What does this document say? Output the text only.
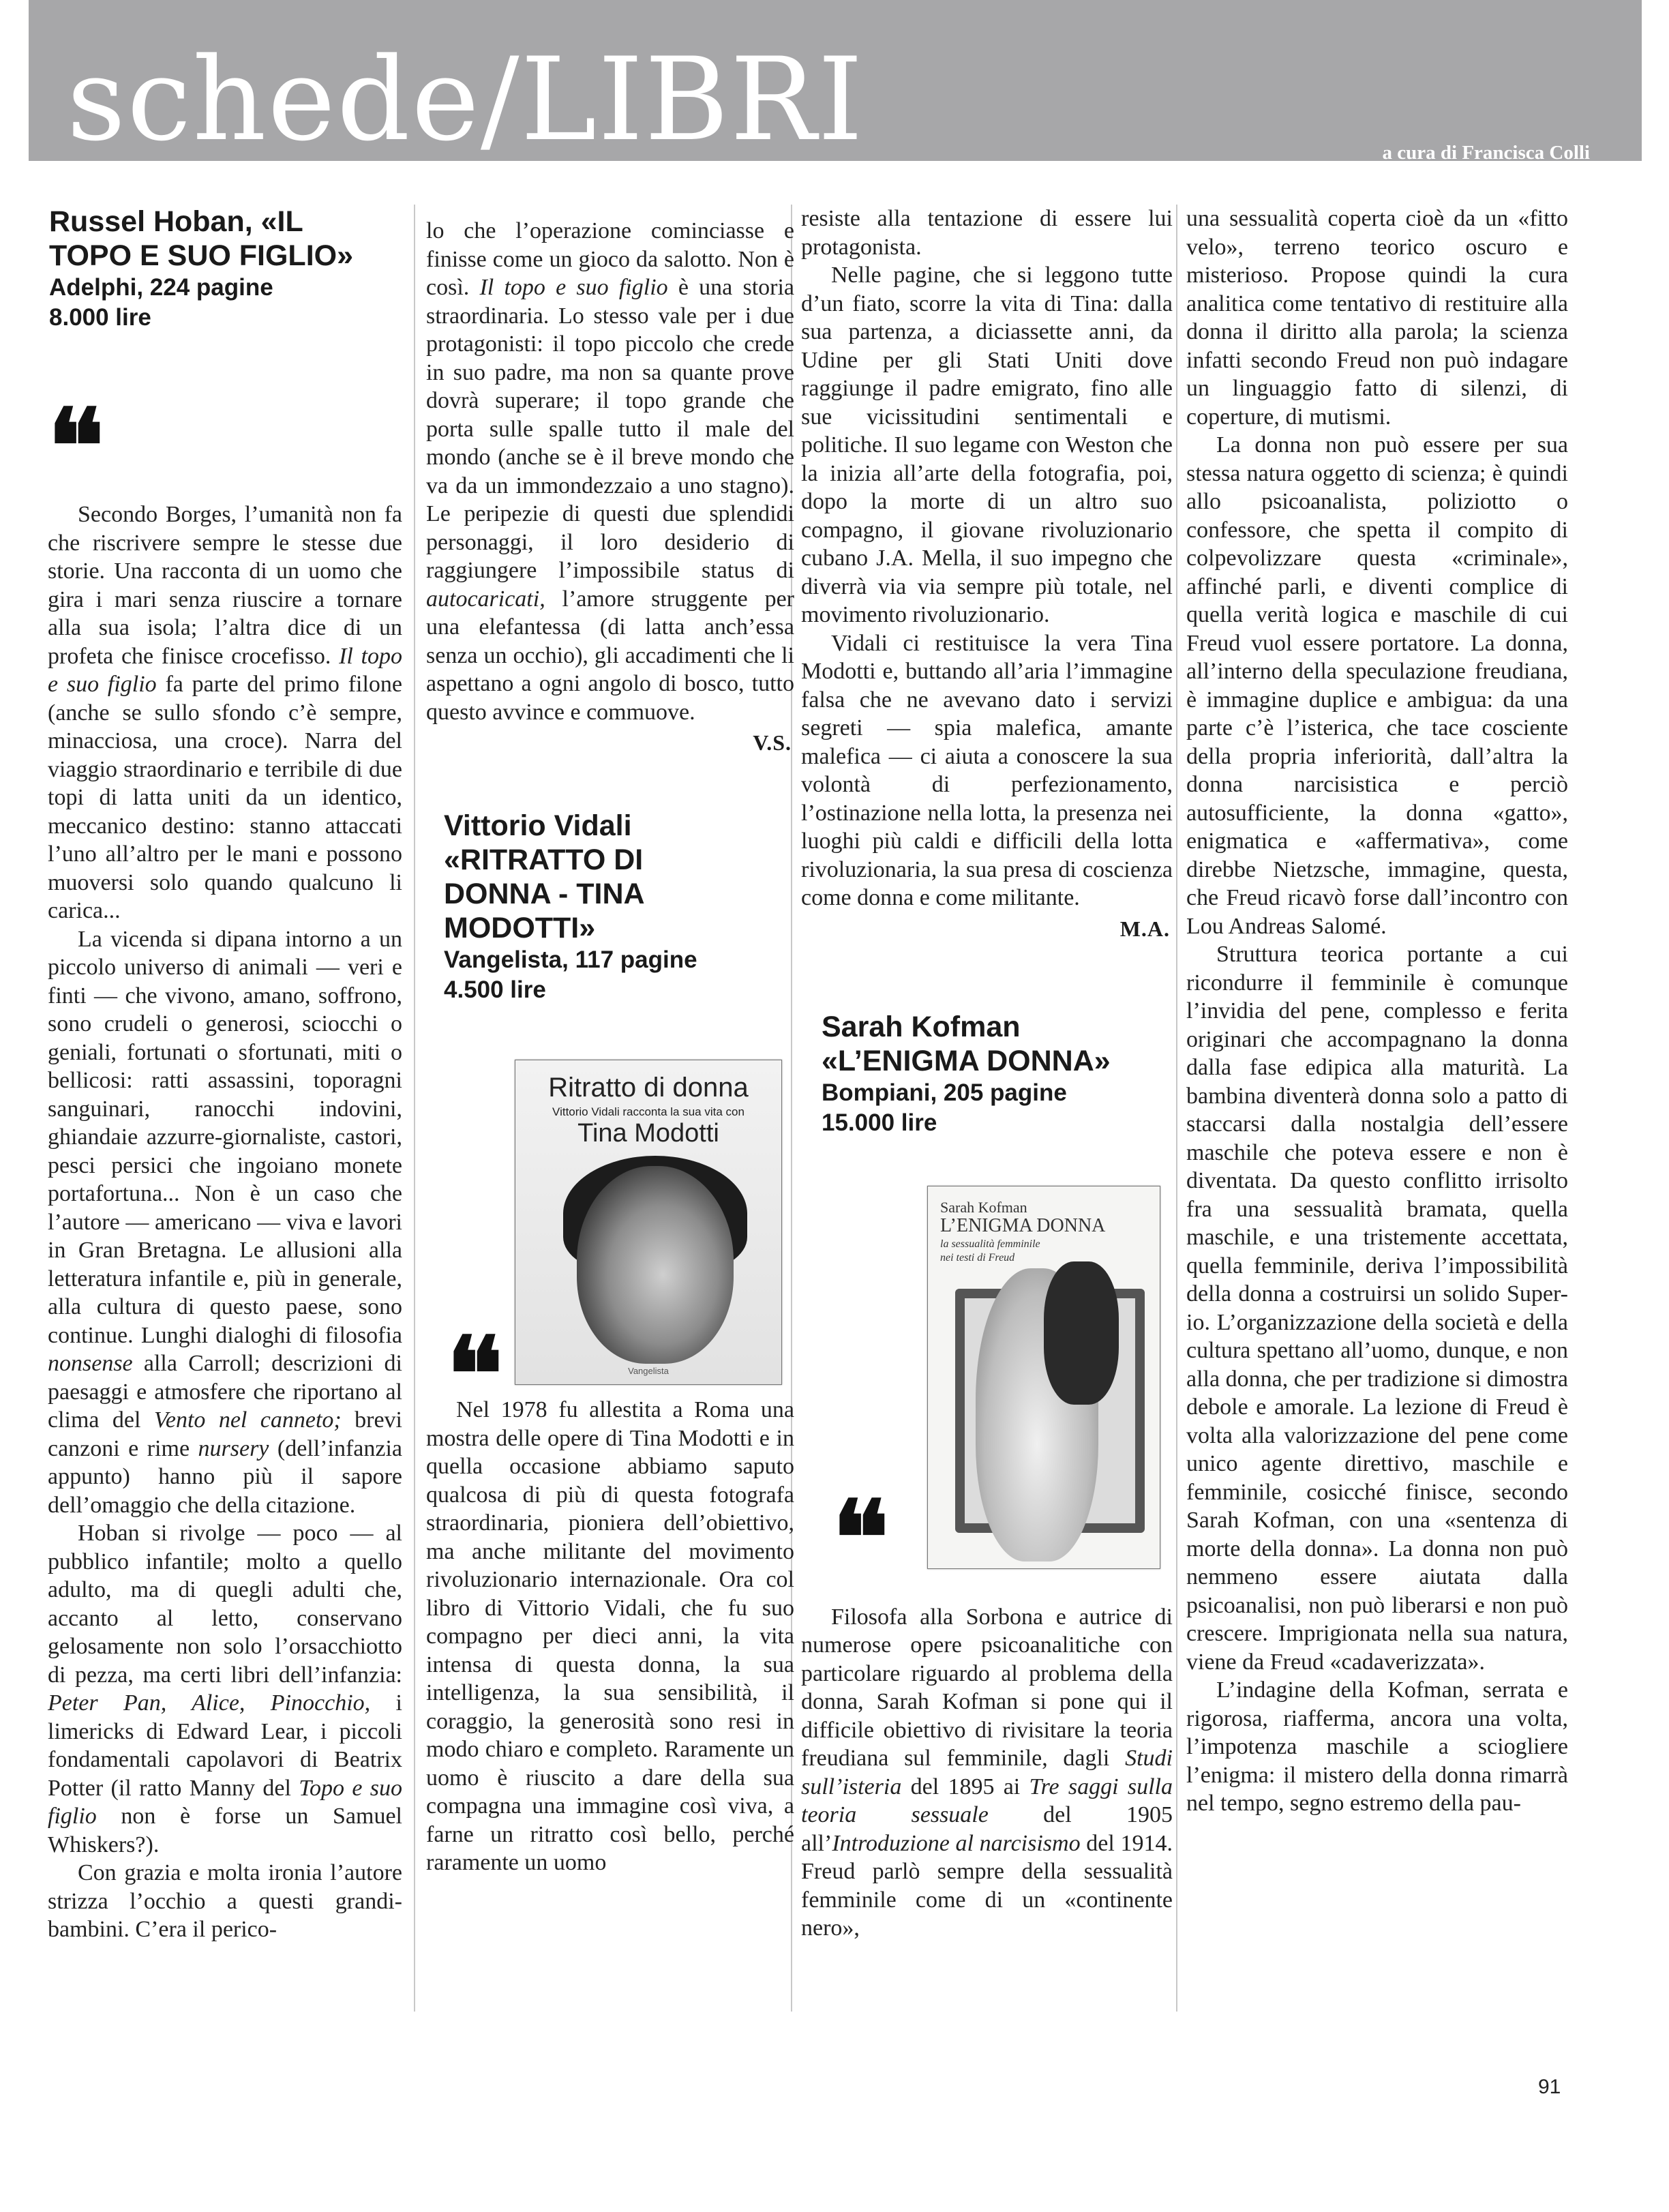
schede/LIBRI	a cura di Francisca Colli
Russel Hoban, «IL
TOPO E SUO FIGLIO»
Adelphi, 224 pagine
8.000 lire
❛❛

Secondo Borges, l’umanità non fa che riscrivere sempre le stesse due storie. Una racconta di un uomo che gira i mari senza riuscire a tornare alla sua isola; l’altra dice di un profeta che finisce crocefisso. Il topo e suo figlio fa parte del primo filone (anche se sullo sfondo c’è sempre, minacciosa, una croce). Narra del viaggio straordinario e terribile di due topi di latta uniti da un identico, meccanico destino: stanno attaccati l’uno all’altro per le mani e possono muoversi solo quando qualcuno li carica...

La vicenda si dipana intorno a un piccolo universo di animali — veri e finti — che vivono, amano, soffrono, sono crudeli o generosi, sciocchi o geniali, fortunati o sfortunati, miti o bellicosi: ratti assassini, toporagni sanguinari, ranocchi indovini, ghiandaie azzurre-giornaliste, castori, pesci persici che ingoiano monete portafortuna... Non è un caso che l’autore — americano — viva e lavori in Gran Bretagna. Le allusioni alla letteratura infantile e, più in generale, alla cultura di questo paese, sono continue. Lunghi dialoghi di filosofia nonsense alla Carroll; descrizioni di paesaggi e atmosfere che riportano al clima del Vento nel canneto; brevi canzoni e rime nursery (dell’infanzia appunto) hanno più il sapore dell’omaggio che della citazione.

Hoban si rivolge — poco — al pubblico infantile; molto a quello adulto, ma di quegli adulti che, accanto al letto, conservano gelosamente non solo l’orsacchiotto di pezza, ma certi libri dell’infanzia: Peter Pan, Alice, Pinocchio, i limericks di Edward Lear, i piccoli fondamentali capolavori di Beatrix Potter (il ratto Manny del Topo e suo figlio non è forse un Samuel Whiskers?).

Con grazia e molta ironia l’autore strizza l’occhio a questi grandi-bambini. C’era il perico-

lo che l’operazione cominciasse e finisse come un gioco da salotto. Non è così. Il topo e suo figlio è una storia straordinaria. Lo stesso vale per i due protagonisti: il topo piccolo che crede in suo padre, ma non sa quante prove dovrà superare; il topo grande che porta sulle spalle tutto il male del mondo (anche se è il breve mondo che va da un immondezzaio a uno stagno). Le peripezie di questi due splendidi personaggi, il loro desiderio di raggiungere l’impossibile status di autocaricati, l’amore struggente per una elefantessa (di latta anch’essa senza un occhio), gli accadimenti che li aspettano a ogni angolo di bosco, tutto questo avvince e commuove.

V.S.
Vittorio Vidali
«RITRATTO DI
DONNA - TINA
MODOTTI»
Vangelista, 117 pagine
4.500 lire
Ritratto di donna
Vittorio Vidali racconta la sua vita con
Tina Modotti
Vangelista
❛❛

Nel 1978 fu allestita a Roma una mostra delle opere di Tina Modotti e in quella occasione abbiamo saputo qualcosa di più di questa fotografa straordinaria, pioniera dell’obiettivo, ma anche militante del movimento rivoluzionario internazionale. Ora col libro di Vittorio Vidali, che fu suo compagno per dieci anni, la vita intensa di questa donna, la sua intelligenza, la sua sensibilità, il coraggio, la generosità sono resi in modo chiaro e completo. Raramente un uomo è riuscito a dare della sua compagna una immagine così viva, a farne un ritratto così bello, perché raramente un uomo

resiste alla tentazione di essere lui protagonista.

Nelle pagine, che si leggono tutte d’un fiato, scorre la vita di Tina: dalla sua partenza, a diciassette anni, da Udine per gli Stati Uniti dove raggiunge il padre emigrato, fino alle sue vicissitudini sentimentali e politiche. Il suo legame con Weston che la inizia all’arte della fotografia, poi, dopo la morte di un altro suo compagno, il giovane rivoluzionario cubano J.A. Mella, il suo impegno che diverrà via via sempre più totale, nel movimento rivoluzionario.

Vidali ci restituisce la vera Tina Modotti e, buttando all’aria l’immagine falsa che ne avevano dato i servizi segreti — spia malefica, amante malefica — ci aiuta a conoscere la sua volontà di perfezionamento, l’ostinazione nella lotta, la presenza nei luoghi più caldi e difficili della lotta rivoluzionaria, la sua presa di coscienza come donna e come militante.

M.A.
Sarah Kofman
«L’ENIGMA DONNA»
Bompiani, 205 pagine
15.000 lire
Sarah Kofman
L’ENIGMA DONNA
la sessualità femminile
nei testi di Freud
❛❛

Filosofa alla Sorbona e autrice di numerose opere psicoanalitiche con particolare riguardo al problema della donna, Sarah Kofman si pone qui il difficile obiettivo di rivisitare la teoria freudiana sul femminile, dagli Studi sull’isteria del 1895 ai Tre saggi sulla teoria sessuale del 1905 all’Introduzione al narcisismo del 1914. Freud parlò sempre della sessualità femminile come di un «continente nero»,

una sessualità coperta cioè da un «fitto velo», terreno teorico oscuro e misterioso. Propose quindi la cura analitica come tentativo di restituire alla donna il diritto alla parola; la scienza infatti secondo Freud non può indagare un linguaggio fatto di silenzi, di coperture, di mutismi.

La donna non può essere per sua stessa natura oggetto di scienza; è quindi allo psicoanalista, poliziotto o confessore, che spetta il compito di colpevolizzare questa «criminale», affinché parli, e diventi complice di quella verità logica e maschile di cui Freud vuol essere portatore. La donna, all’interno della speculazione freudiana, è immagine duplice e ambigua: da una parte c’è l’isterica, che tace cosciente della propria inferiorità, dall’altra la donna narcisistica e perciò autosufficiente, la donna «gatto», enigmatica e «affermativa», come direbbe Nietzsche, immagine, questa, che Freud ricavò forse dall’incontro con Lou Andreas Salomé.

Struttura teorica portante a cui ricondurre il femminile è comunque l’invidia del pene, complesso e ferita originari che accompagnano la donna dalla fase edipica alla maturità. La bambina diventerà donna solo a patto di staccarsi dalla nostalgia dell’essere maschile che poteva essere e non è diventata. Da questo conflitto irrisolto fra una sessualità bramata, quella maschile, e una tristemente accettata, quella femminile, deriva l’impossibilità della donna a costruirsi un solido Super-io. L’organizzazione della società e della cultura spettano all’uomo, dunque, e non alla donna, che per tradizione si dimostra debole e amorale. La lezione di Freud è volta alla valorizzazione del pene come unico agente direttivo, maschile e femminile, cosicché finisce, secondo Sarah Kofman, con una «sentenza di morte della donna». La donna non può nemmeno essere aiutata dalla psicoanalisi, non può liberarsi e non può crescere. Imprigionata nella sua natura, viene da Freud «cadaverizzata».

L’indagine della Kofman, serrata e rigorosa, riafferma, ancora una volta, l’impotenza maschile a sciogliere l’enigma: il mistero della donna rimarrà nel tempo, segno estremo della pau-

91
